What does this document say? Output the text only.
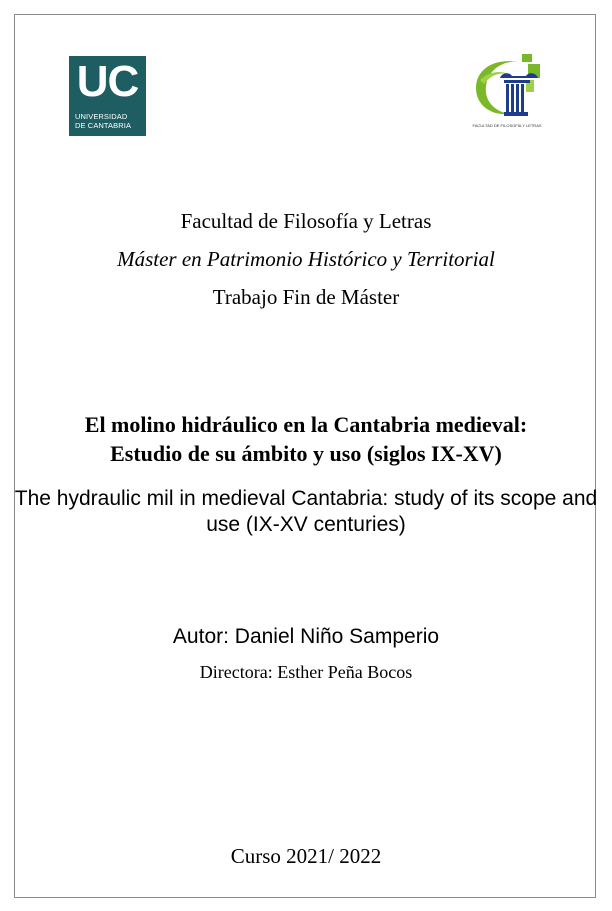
UC
UNIVERSIDAD
DE CANTABRIA	FACULTAD DE FILOSOFÍA Y LETRAS
Facultad de Filosofía y Letras
Máster en Patrimonio Histórico y Territorial
Trabajo Fin de Máster
El molino hidráulico en la Cantabria medieval:
Estudio de su ámbito y uso (siglos IX-XV)
The hydraulic mil in medieval Cantabria: study of its scope and
use (IX-XV centuries)
Autor: Daniel Niño Samperio
Directora: Esther Peña Bocos
Curso 2021/ 2022
